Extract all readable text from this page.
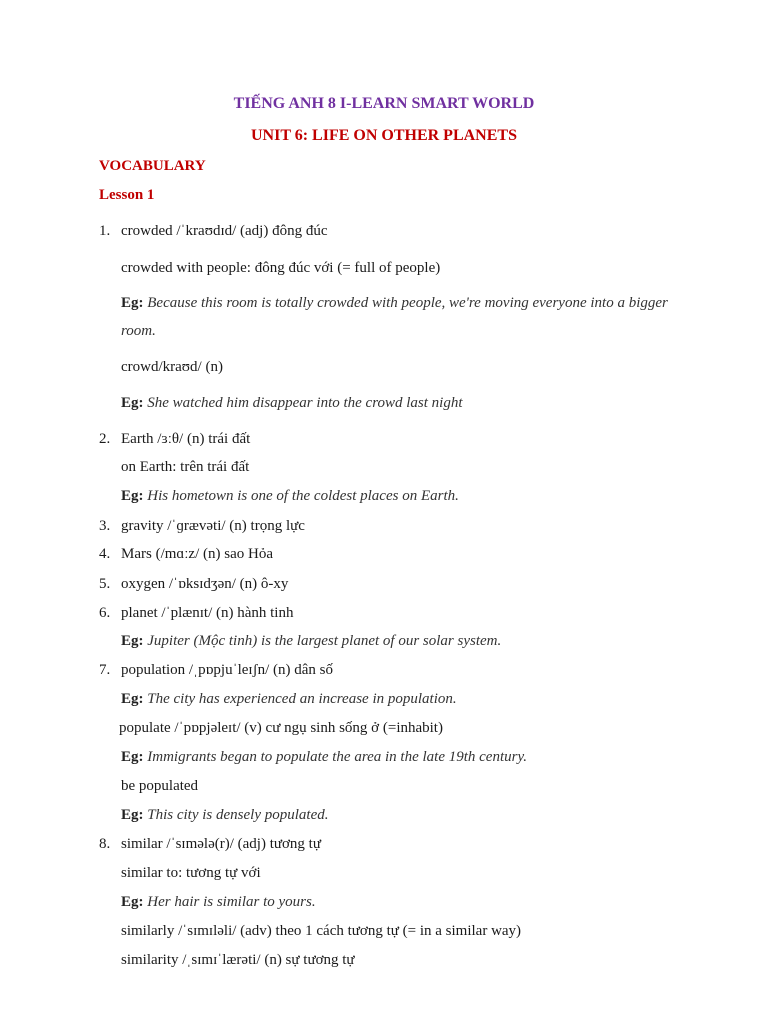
TIẾNG ANH 8 I-LEARN SMART WORLD
UNIT 6: LIFE ON OTHER PLANETS
VOCABULARY
Lesson 1
1. crowded /ˈkraʊdɪd/ (adj) đông đúc
crowded with people: đông đúc với (= full of people)
Eg: Because this room is totally crowded with people, we're moving everyone into a bigger
room.
crowd/kraʊd/ (n)
Eg: She watched him disappear into the crowd last night
2. Earth /ɜːθ/ (n) trái đất
on Earth: trên trái đất
Eg: His hometown is one of the coldest places on Earth.
3. gravity /ˈɡrævəti/ (n) trọng lực
4. Mars (/mɑːz/ (n) sao Hỏa
5. oxygen /ˈɒksɪdʒən/ (n) ô-xy
6. planet /ˈplænɪt/ (n) hành tinh
Eg: Jupiter (Mộc tinh) is the largest planet of our solar system.
7. population /ˌpɒpjuˈleɪʃn/ (n) dân số
Eg: The city has experienced an increase in population.
populate /ˈpɒpjəleɪt/ (v) cư ngụ sinh sống ở (=inhabit)
Eg: Immigrants began to populate the area in the late 19th century.
be populated
Eg: This city is densely populated.
8. similar /ˈsɪmələ(r)/ (adj) tương tự
similar to: tương tự với
Eg: Her hair is similar to yours.
similarly /ˈsɪmɪləli/ (adv) theo 1 cách tương tự (= in a similar way)
similarity /ˌsɪmɪˈlærəti/ (n) sự tương tự
